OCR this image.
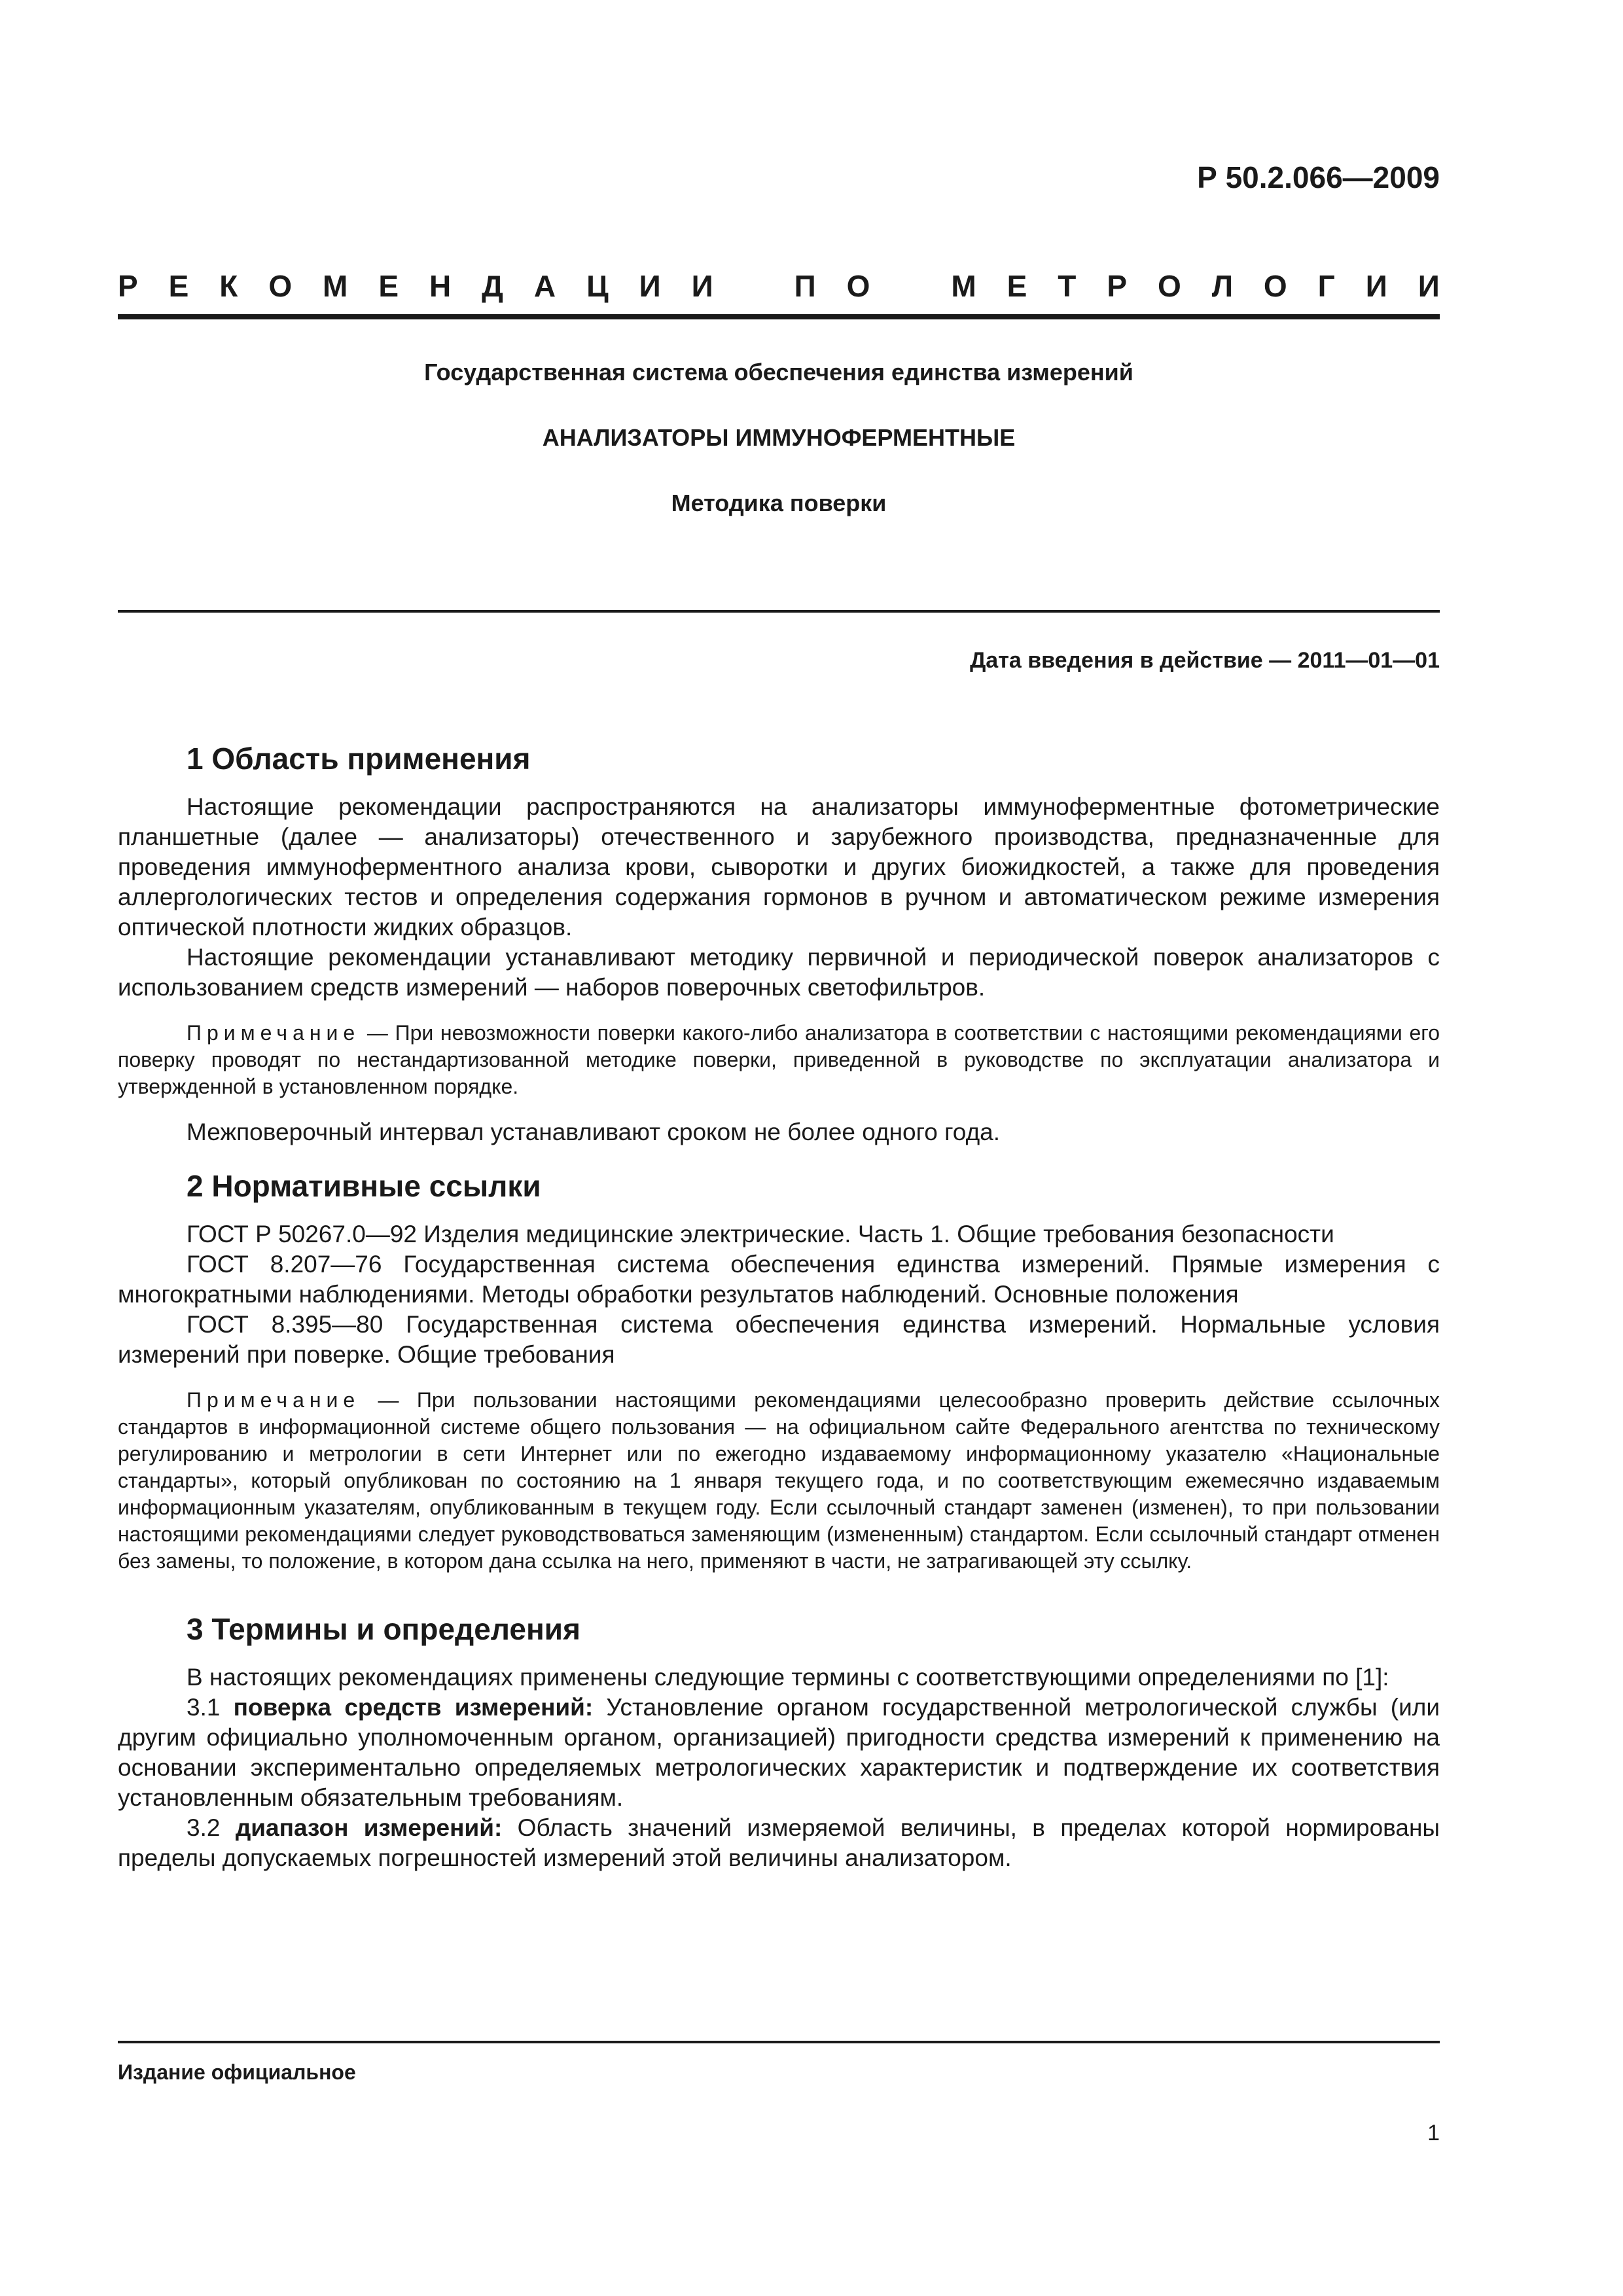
Р 50.2.066—2009
Р Е К О М Е Н Д А Ц И И	П О	М Е Т Р О Л О Г И И
Государственная система обеспечения единства измерений
АНАЛИЗАТОРЫ ИММУНОФЕРМЕНТНЫЕ
Методика поверки
Дата введения в действие — 2011—01—01
1 Область применения

Настоящие рекомендации распространяются на анализаторы иммуноферментные фотометрические планшетные (далее — анализаторы) отечественного и зарубежного производства, предназначенные для проведения иммуноферментного анализа крови, сыворотки и других биожидкостей, а также для проведения аллергологических тестов и определения содержания гормонов в ручном и автоматическом режиме измерения оптической плотности жидких образцов.

Настоящие рекомендации устанавливают методику первичной и периодической поверок анализаторов с использованием средств измерений — наборов поверочных светофильтров.

Примечание — При невозможности поверки какого-либо анализатора в соответствии с настоящими рекомендациями его поверку проводят по нестандартизованной методике поверки, приведенной в руководстве по эксплуатации анализатора и утвержденной в установленном порядке.

Межповерочный интервал устанавливают сроком не более одного года.

2 Нормативные ссылки

ГОСТ Р 50267.0—92 Изделия медицинские электрические. Часть 1. Общие требования безопасности

ГОСТ 8.207—76 Государственная система обеспечения единства измерений. Прямые измерения с многократными наблюдениями. Методы обработки результатов наблюдений. Основные положения

ГОСТ 8.395—80 Государственная система обеспечения единства измерений. Нормальные условия измерений при поверке. Общие требования

Примечание — При пользовании настоящими рекомендациями целесообразно проверить действие ссылочных стандартов в информационной системе общего пользования — на официальном сайте Федерального агентства по техническому регулированию и метрологии в сети Интернет или по ежегодно издаваемому информационному указателю «Национальные стандарты», который опубликован по состоянию на 1 января текущего года, и по соответствующим ежемесячно издаваемым информационным указателям, опубликованным в текущем году. Если ссылочный стандарт заменен (изменен), то при пользовании настоящими рекомендациями следует руководствоваться заменяющим (измененным) стандартом. Если ссылочный стандарт отменен без замены, то положение, в котором дана ссылка на него, применяют в части, не затрагивающей эту ссылку.

3 Термины и определения

В настоящих рекомендациях применены следующие термины с соответствующими определениями по [1]:

3.1 поверка средств измерений: Установление органом государственной метрологической службы (или другим официально уполномоченным органом, организацией) пригодности средства измерений к применению на основании экспериментально определяемых метрологических характеристик и подтверждение их соответствия установленным обязательным требованиям.

3.2 диапазон измерений: Область значений измеряемой величины, в пределах которой нормированы пределы допускаемых погрешностей измерений этой величины анализатором.

Издание официальное
1
